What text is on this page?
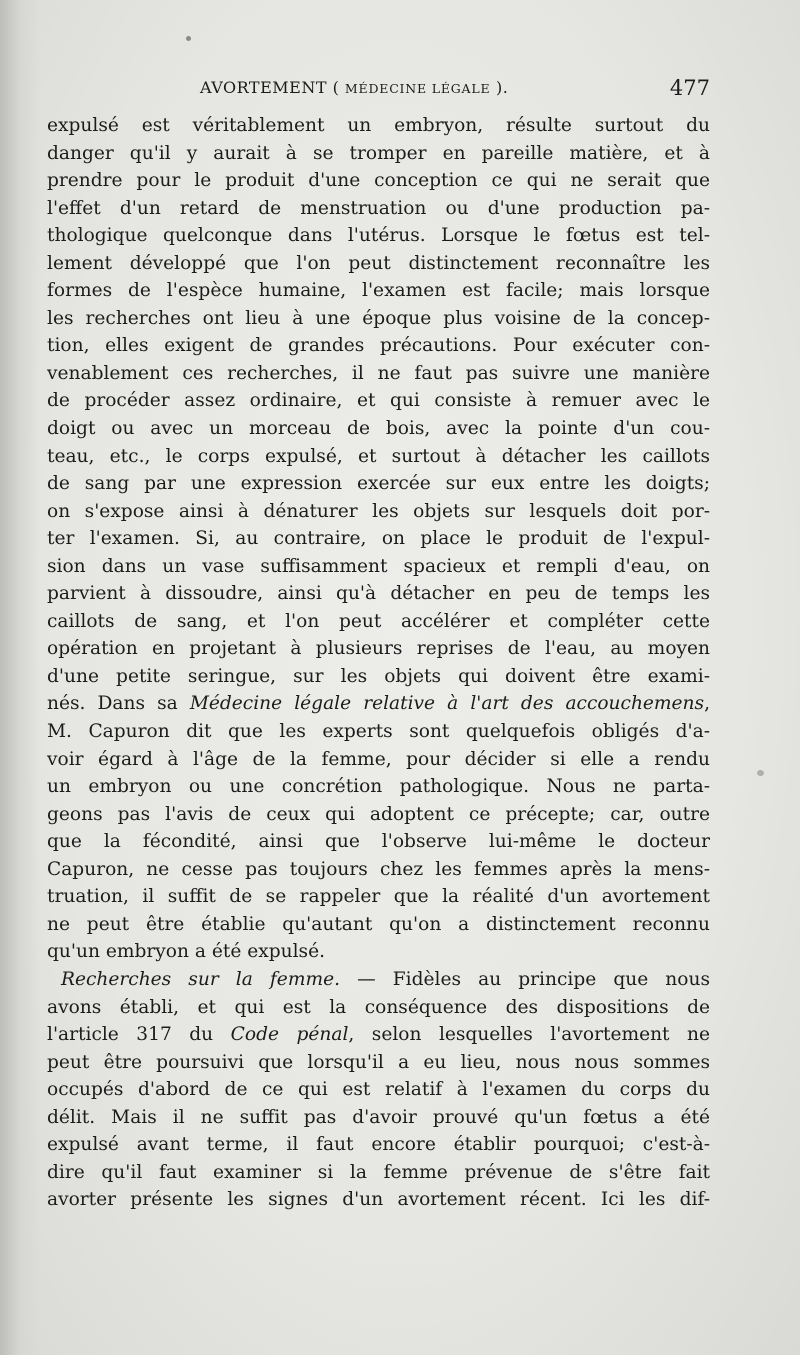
AVORTEMENT ( MÉDECINE LÉGALE ).	477
expulsé est véritablement un embryon, résulte surtout du
danger qu'il y aurait à se tromper en pareille matière, et à
prendre pour le produit d'une conception ce qui ne serait que
l'effet d'un retard de menstruation ou d'une production pa-
thologique quelconque dans l'utérus. Lorsque le fœtus est tel-
lement développé que l'on peut distinctement reconnaître les
formes de l'espèce humaine, l'examen est facile; mais lorsque
les recherches ont lieu à une époque plus voisine de la concep-
tion, elles exigent de grandes précautions. Pour exécuter con-
venablement ces recherches, il ne faut pas suivre une manière
de procéder assez ordinaire, et qui consiste à remuer avec le
doigt ou avec un morceau de bois, avec la pointe d'un cou-
teau, etc., le corps expulsé, et surtout à détacher les caillots
de sang par une expression exercée sur eux entre les doigts;
on s'expose ainsi à dénaturer les objets sur lesquels doit por-
ter l'examen. Si, au contraire, on place le produit de l'expul-
sion dans un vase suffisamment spacieux et rempli d'eau, on
parvient à dissoudre, ainsi qu'à détacher en peu de temps les
caillots de sang, et l'on peut accélérer et compléter cette
opération en projetant à plusieurs reprises de l'eau, au moyen
d'une petite seringue, sur les objets qui doivent être exami-
nés. Dans sa Médecine légale relative à l'art des accouchemens,
M. Capuron dit que les experts sont quelquefois obligés d'a-
voir égard à l'âge de la femme, pour décider si elle a rendu
un embryon ou une concrétion pathologique. Nous ne parta-
geons pas l'avis de ceux qui adoptent ce précepte; car, outre
que la fécondité, ainsi que l'observe lui-même le docteur
Capuron, ne cesse pas toujours chez les femmes après la mens-
truation, il suffit de se rappeler que la réalité d'un avortement
ne peut être établie qu'autant qu'on a distinctement reconnu
qu'un embryon a été expulsé.
Recherches sur la femme. — Fidèles au principe que nous
avons établi, et qui est la conséquence des dispositions de
l'article 317 du Code pénal, selon lesquelles l'avortement ne
peut être poursuivi que lorsqu'il a eu lieu, nous nous sommes
occupés d'abord de ce qui est relatif à l'examen du corps du
délit. Mais il ne suffit pas d'avoir prouvé qu'un fœtus a été
expulsé avant terme, il faut encore établir pourquoi; c'est-à-
dire qu'il faut examiner si la femme prévenue de s'être fait
avorter présente les signes d'un avortement récent. Ici les dif-
